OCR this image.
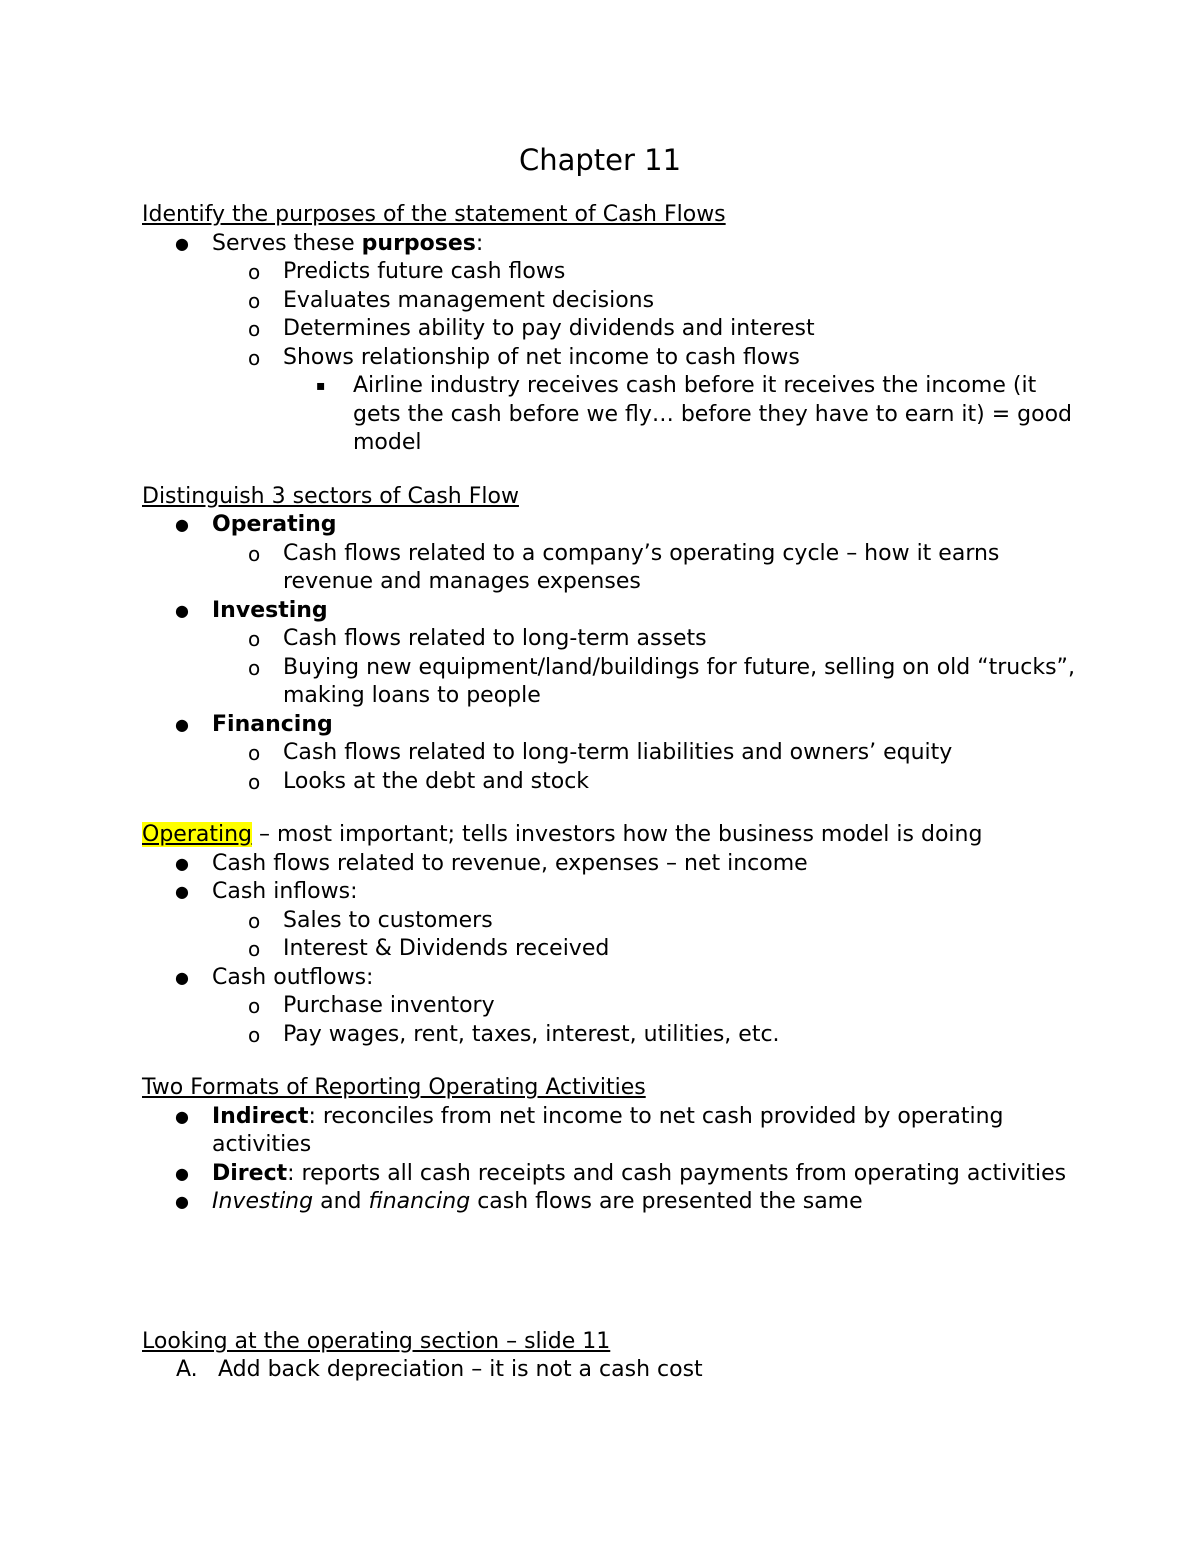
Chapter 11
Identify the purposes of the statement of Cash Flows
● Serves these purposes:
o Predicts future cash flows
o Evaluates management decisions
o Determines ability to pay dividends and interest
o Shows relationship of net income to cash flows
▪ Airline industry receives cash before it receives the income (it gets the cash before we fly… before they have to earn it) = good model
Distinguish 3 sectors of Cash Flow
● Operating
o Cash flows related to a company’s operating cycle – how it earns revenue and manages expenses
● Investing
o Cash flows related to long-term assets
o Buying new equipment/land/buildings for future, selling on old “trucks”, making loans to people
● Financing
o Cash flows related to long-term liabilities and owners’ equity
o Looks at the debt and stock
Operating – most important; tells investors how the business model is doing
● Cash flows related to revenue, expenses – net income
● Cash inflows:
o Sales to customers
o Interest & Dividends received
● Cash outflows:
o Purchase inventory
o Pay wages, rent, taxes, interest, utilities, etc.
Two Formats of Reporting Operating Activities
● Indirect: reconciles from net income to net cash provided by operating activities
● Direct: reports all cash receipts and cash payments from operating activities
● Investing and financing cash flows are presented the same
Looking at the operating section – slide 11
A. Add back depreciation – it is not a cash cost
